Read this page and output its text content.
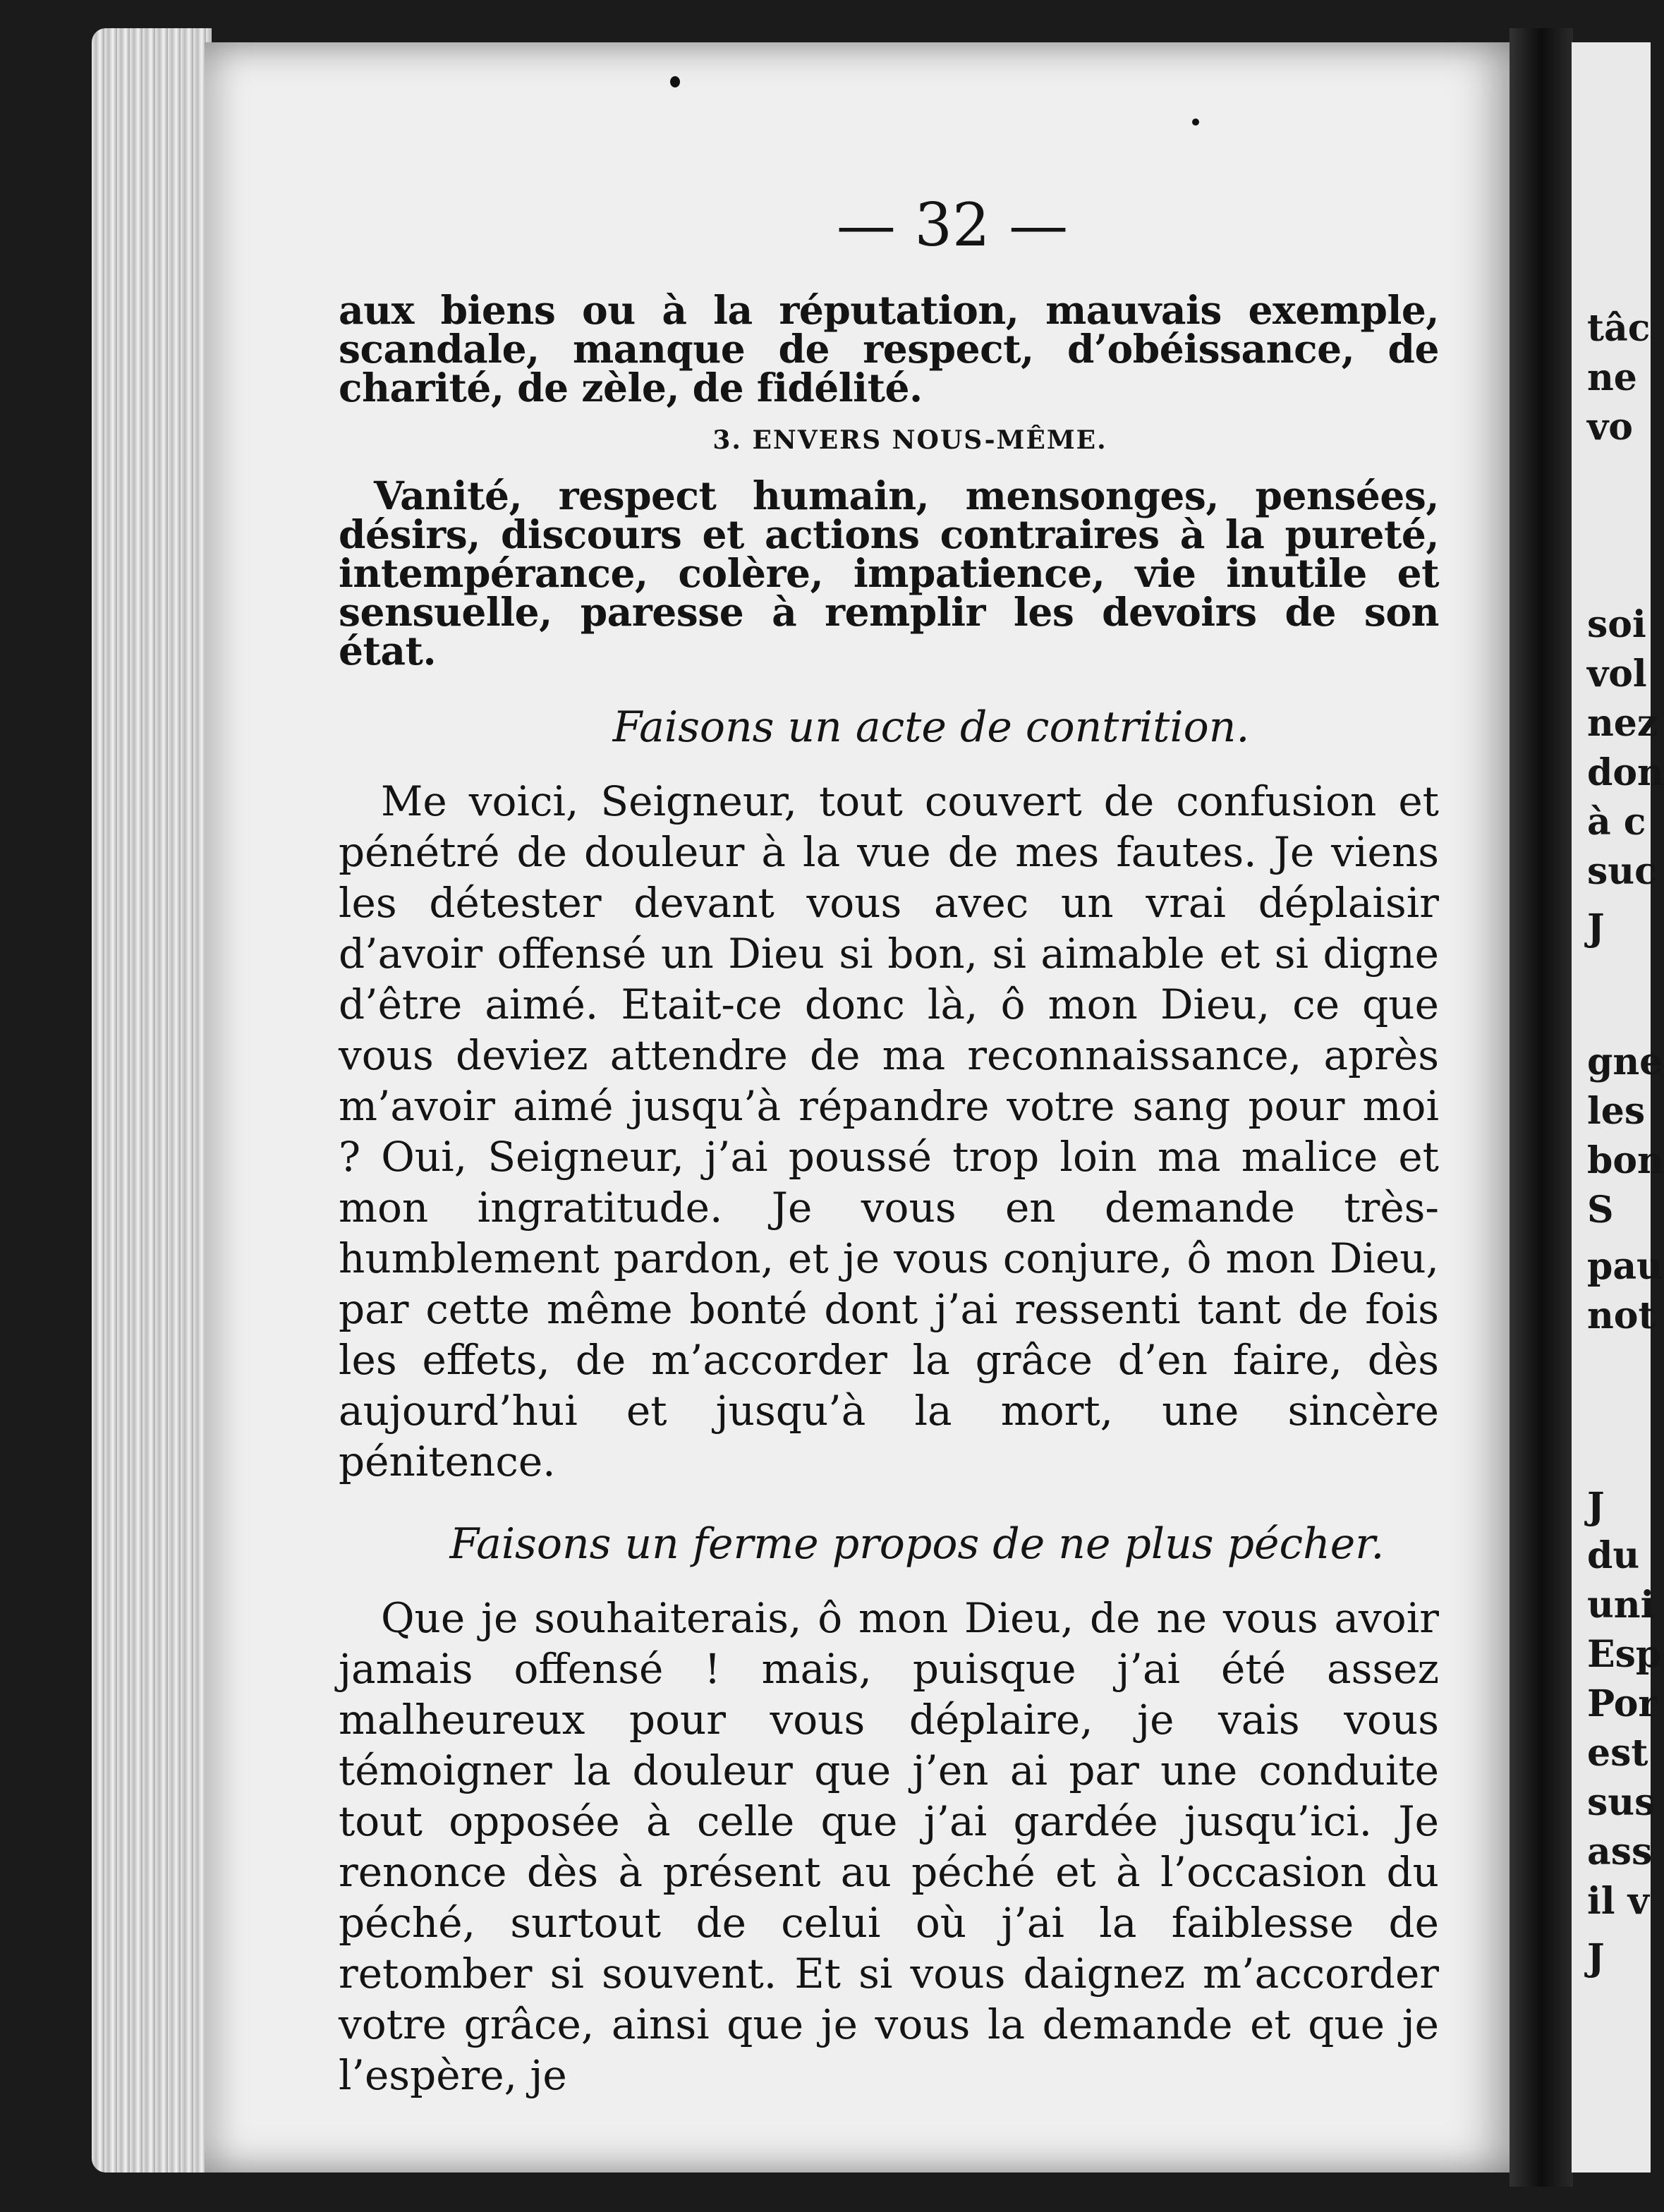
tâc
ne
vo
soi
vol
nez
don
à c
suc
J
gne
les
bon
S
pau
not
J
du
uni
Esp
Por
est
sus
ass
il v
J
— 32 —

aux biens ou à la réputation, mauvais exemple, scandale, manque de respect, d’obéissance, de charité, de zèle, de fidélité.

3. ENVERS NOUS-MÊME.

Vanité, respect humain, mensonges, pensées, désirs, discours et actions contraires à la pureté, intempérance, colère, impatience, vie inutile et sensuelle, paresse à remplir les devoirs de son état.

Faisons un acte de contrition.

Me voici, Seigneur, tout couvert de confusion et pénétré de douleur à la vue de mes fautes. Je viens les détester devant vous avec un vrai déplaisir d’avoir offensé un Dieu si bon, si aimable et si digne d’être aimé. Etait-ce donc là, ô mon Dieu, ce que vous deviez attendre de ma reconnaissance, après m’avoir aimé jusqu’à répandre votre sang pour moi ? Oui, Seigneur, j’ai poussé trop loin ma malice et mon ingratitude. Je vous en demande très-humblement pardon, et je vous conjure, ô mon Dieu, par cette même bonté dont j’ai ressenti tant de fois les effets, de m’accorder la grâce d’en faire, dès aujourd’hui et jusqu’à la mort, une sincère pénitence.

Faisons un ferme propos de ne plus pécher.

Que je souhaiterais, ô mon Dieu, de ne vous avoir jamais offensé ! mais, puisque j’ai été assez malheureux pour vous déplaire, je vais vous témoigner la douleur que j’en ai par une conduite tout opposée à celle que j’ai gardée jusqu’ici. Je renonce dès à présent au péché et à l’occasion du péché, surtout de celui où j’ai la faiblesse de retomber si souvent. Et si vous daignez m’accorder votre grâce, ainsi que je vous la demande et que je l’espère, je
